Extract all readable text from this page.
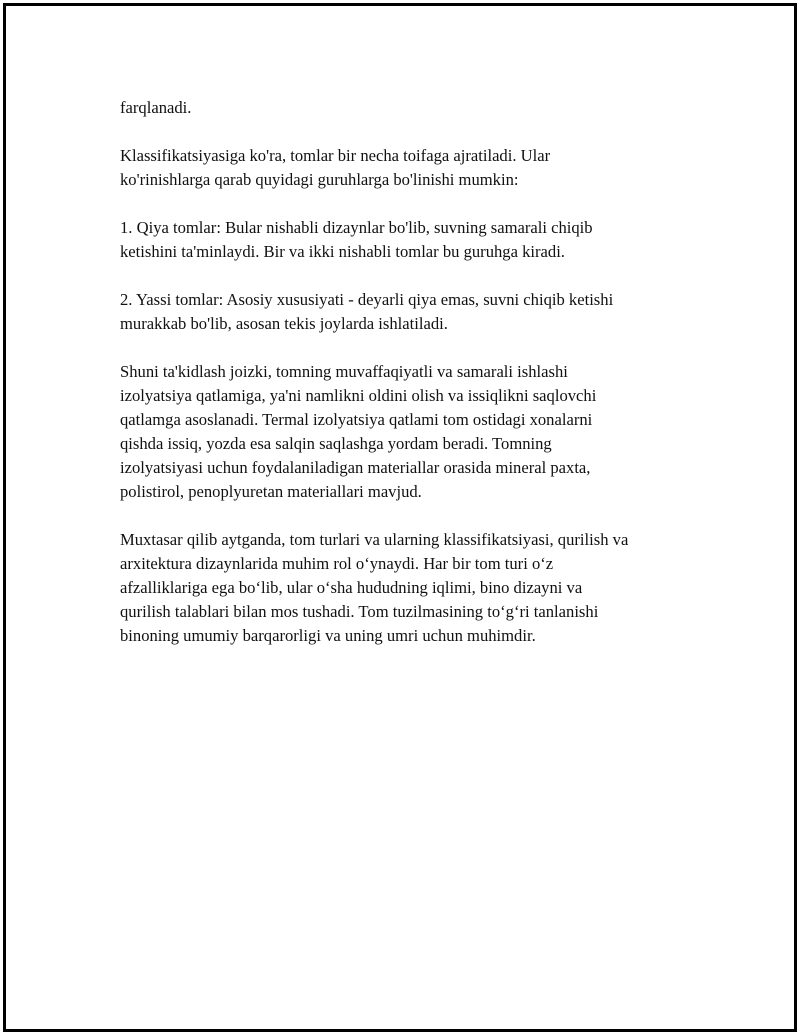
farqlanadi.

Klassifikatsiyasiga ko'ra, tomlar bir necha toifaga ajratiladi. Ular
ko'rinishlarga qarab quyidagi guruhlarga bo'linishi mumkin:

1. Qiya tomlar: Bular nishabli dizaynlar bo'lib, suvning samarali chiqib
ketishini ta'minlaydi. Bir va ikki nishabli tomlar bu guruhga kiradi.

2. Yassi tomlar: Asosiy xususiyati - deyarli qiya emas, suvni chiqib ketishi
murakkab bo'lib, asosan tekis joylarda ishlatiladi.

Shuni ta'kidlash joizki, tomning muvaffaqiyatli va samarali ishlashi
izolyatsiya qatlamiga, ya'ni namlikni oldini olish va issiqlikni saqlovchi
qatlamga asoslanadi. Termal izolyatsiya qatlami tom ostidagi xonalarni
qishda issiq, yozda esa salqin saqlashga yordam beradi. Tomning
izolyatsiyasi uchun foydalaniladigan materiallar orasida mineral paxta,
polistirol, penoplyuretan materiallari mavjud.

Muxtasar qilib aytganda, tom turlari va ularning klassifikatsiyasi, qurilish va
arxitektura dizaynlarida muhim rol o‘ynaydi. Har bir tom turi o‘z
afzalliklariga ega bo‘lib, ular o‘sha hududning iqlimi, bino dizayni va
qurilish talablari bilan mos tushadi. Tom tuzilmasining to‘g‘ri tanlanishi
binoning umumiy barqarorligi va uning umri uchun muhimdir.
